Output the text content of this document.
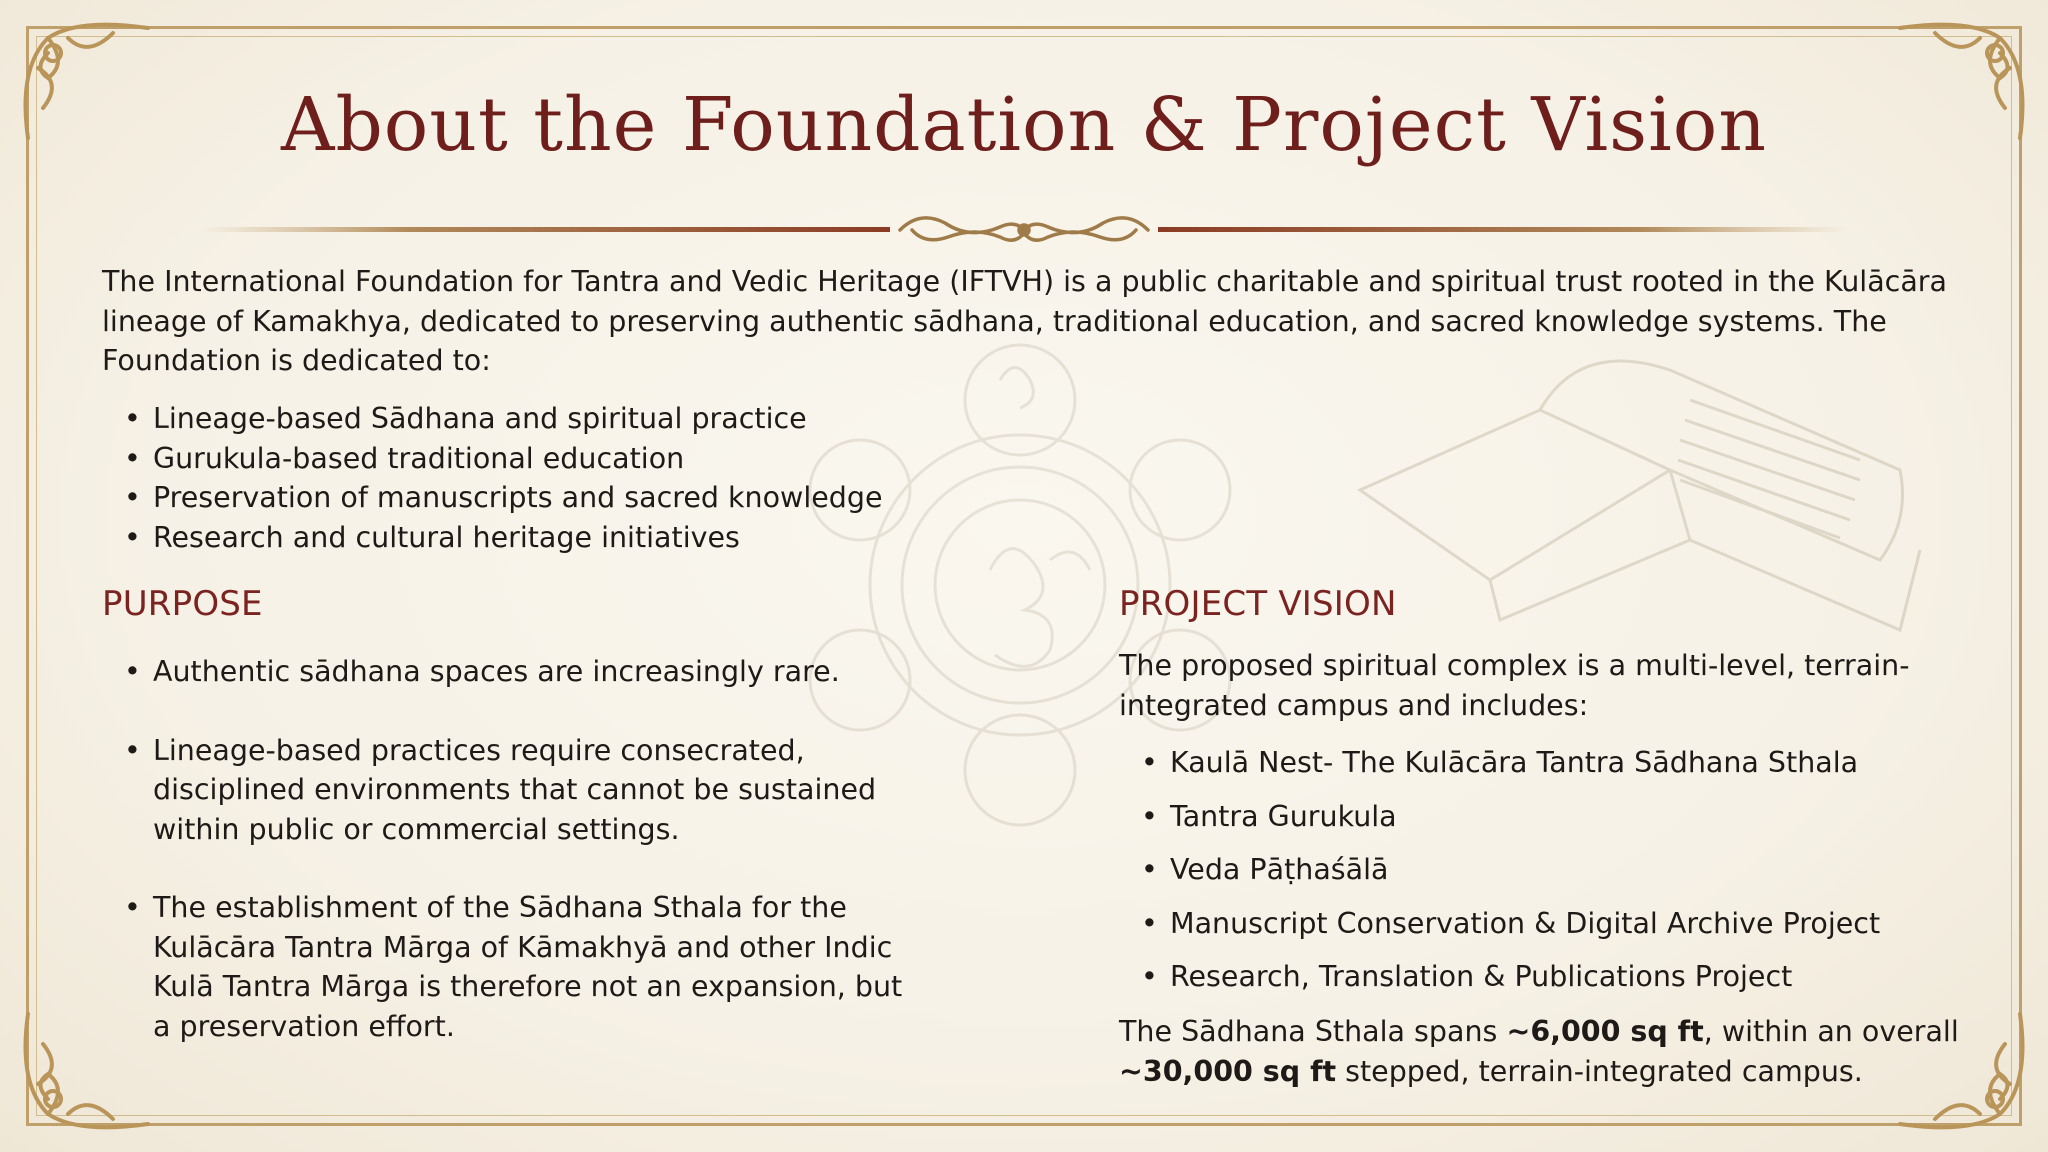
About the Foundation & Project Vision

The International Foundation for Tantra and Vedic Heritage (IFTVH) is a public charitable and spiritual trust rooted in the Kulācāra lineage of Kamakhya, dedicated to preserving authentic sādhana, traditional education, and sacred knowledge systems. The Foundation is dedicated to:

• Lineage-based Sādhana and spiritual practice
• Gurukula-based traditional education
• Preservation of manuscripts and sacred knowledge
• Research and cultural heritage initiatives
PURPOSE
• Authentic sādhana spaces are increasingly rare.
• Lineage-based practices require consecrated, disciplined environments that cannot be sustained within public or commercial settings.
• The establishment of the Sādhana Sthala for the Kulācāra Tantra Mārga of Kāmakhyā and other Indic Kulā Tantra Mārga is therefore not an expansion, but a preservation effort.
PROJECT VISION

The proposed spiritual complex is a multi-level, terrain-integrated campus and includes:

• Kaulā Nest- The Kulācāra Tantra Sādhana Sthala
• Tantra Gurukula
• Veda Pāṭhaśālā
• Manuscript Conservation & Digital Archive Project
• Research, Translation & Publications Project

The Sādhana Sthala spans ~6,000 sq ft, within an overall ~30,000 sq ft stepped, terrain-integrated campus.
